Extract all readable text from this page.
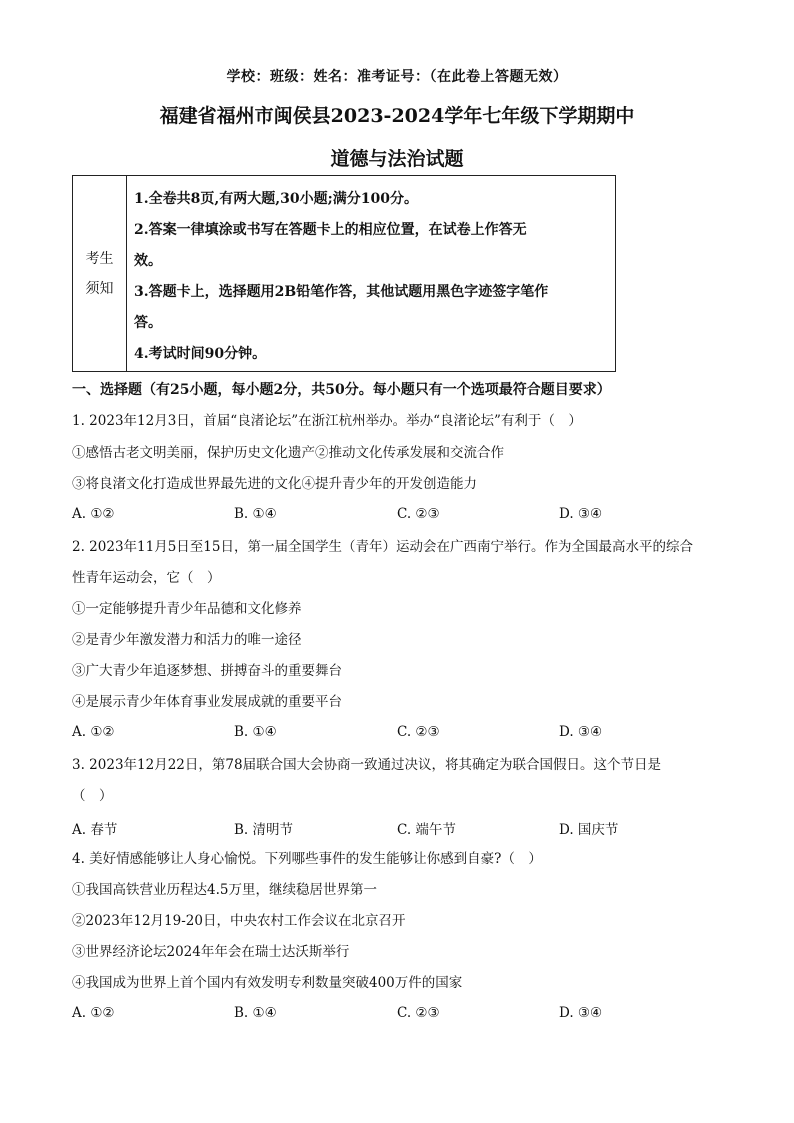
学校：班级：姓名：准考证号：（在此卷上答题无效）
福建省福州市闽侯县2023-2024学年七年级下学期期中
道德与法治试题
考生
须知
1.全卷共8页,有两大题,30小题;满分100分。
2.答案一律填涂或书写在答题卡上的相应位置，在试卷上作答无
效。
3.答题卡上，选择题用2B铅笔作答，其他试题用黑色字迹签字笔作
答。
4.考试时间90分钟。
一、选择题（有25小题，每小题2分，共50分。每小题只有一个选项最符合题目要求）
1. 2023年12月3日，首届“良渚论坛”在浙江杭州举办。举办“良渚论坛”有利于（　）
①感悟古老文明美丽，保护历史文化遗产②推动文化传承发展和交流合作
③将良渚文化打造成世界最先进的文化④提升青少年的开发创造能力
A. ①②	B. ①④	C. ②③	D. ③④
2. 2023年11月5日至15日，第一届全国学生（青年）运动会在广西南宁举行。作为全国最高水平的综合
性青年运动会，它（　）
①一定能够提升青少年品德和文化修养
②是青少年激发潜力和活力的唯一途径
③广大青少年追逐梦想、拼搏奋斗的重要舞台
④是展示青少年体育事业发展成就的重要平台
A. ①②	B. ①④	C. ②③	D. ③④
3. 2023年12月22日，第78届联合国大会协商一致通过决议，将其确定为联合国假日。这个节日是
（　）
A. 春节	B. 清明节	C. 端午节	D. 国庆节
4. 美好情感能够让人身心愉悦。下列哪些事件的发生能够让你感到自豪?（　）
①我国高铁营业历程达4.5万里，继续稳居世界第一
②2023年12月19-20日，中央农村工作会议在北京召开
③世界经济论坛2024年年会在瑞士达沃斯举行
④我国成为世界上首个国内有效发明专利数量突破400万件的国家
A. ①②	B. ①④	C. ②③	D. ③④
